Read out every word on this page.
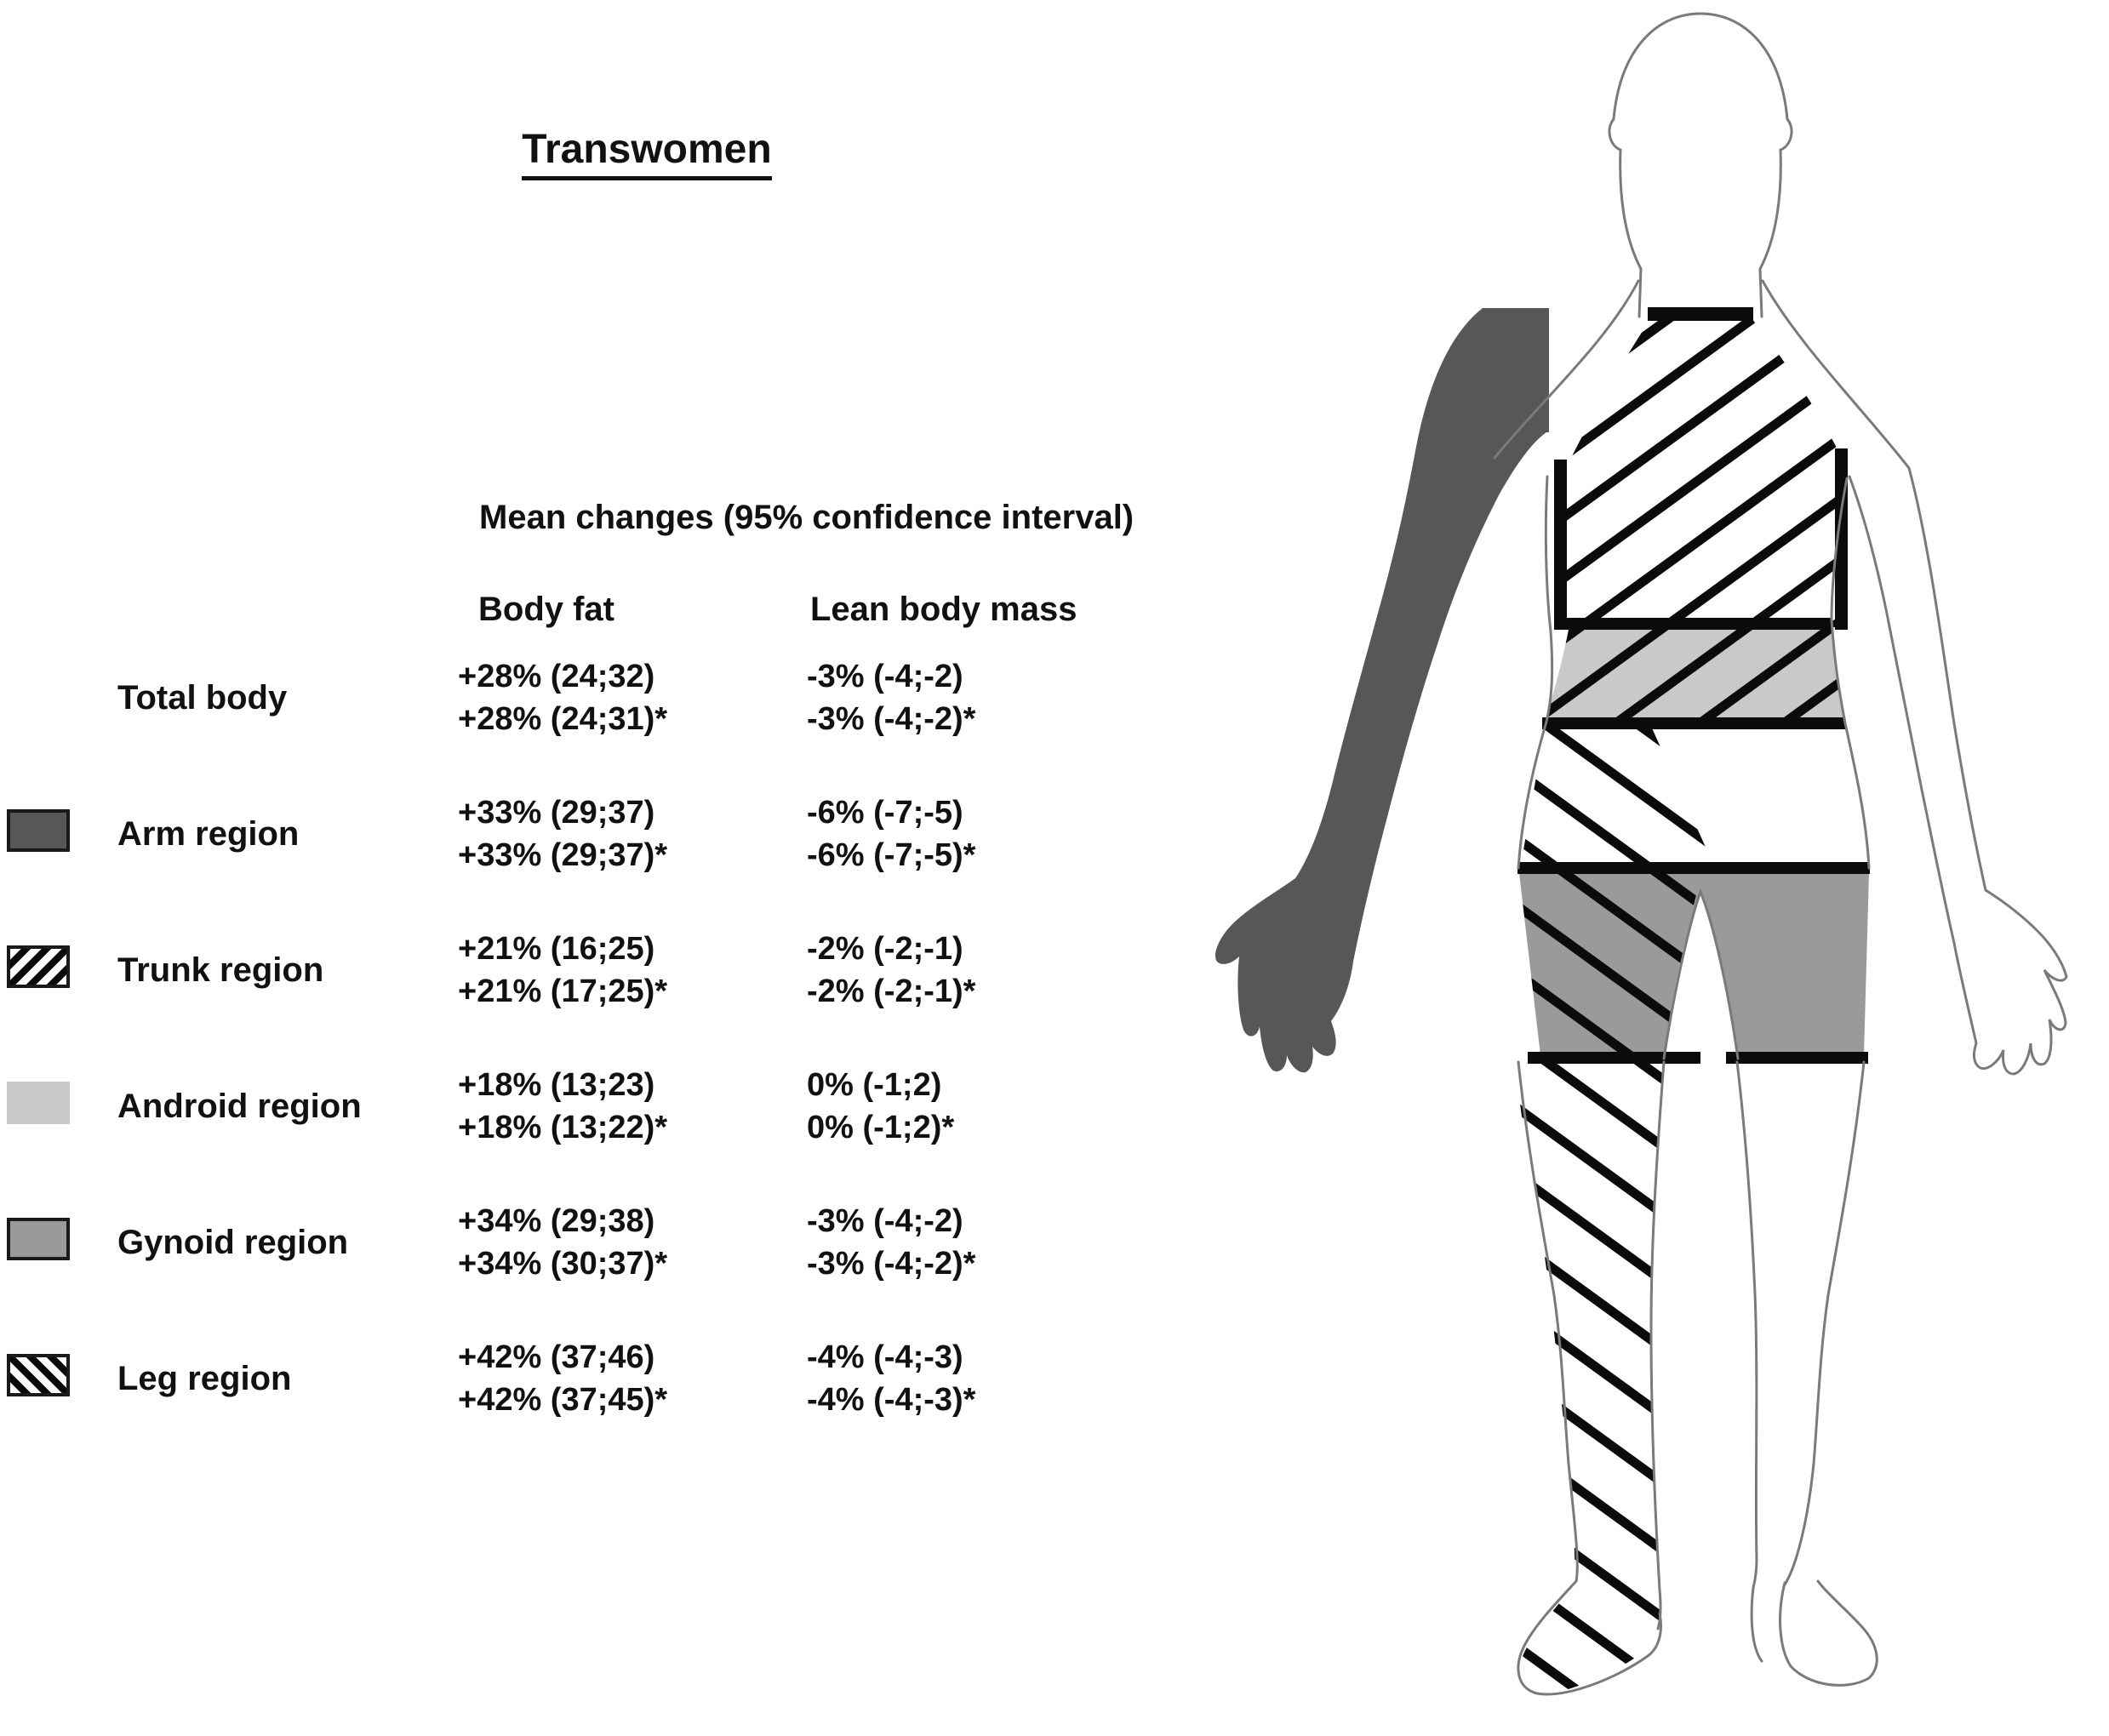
Transwomen
Mean changes (95% confidence interval)
Body fat	Lean body mass
Total body
+28% (24;32)
+28% (24;31)*
-3% (-4;-2)
-3% (-4;-2)*
Arm region
+33% (29;37)
+33% (29;37)*
-6% (-7;-5)
-6% (-7;-5)*
Trunk region
+21% (16;25)
+21% (17;25)*
-2% (-2;-1)
-2% (-2;-1)*
Android region
+18% (13;23)
+18% (13;22)*
0% (-1;2)
0% (-1;2)*
Gynoid region
+34% (29;38)
+34% (30;37)*
-3% (-4;-2)
-3% (-4;-2)*
Leg region
+42% (37;46)
+42% (37;45)*
-4% (-4;-3)
-4% (-4;-3)*
